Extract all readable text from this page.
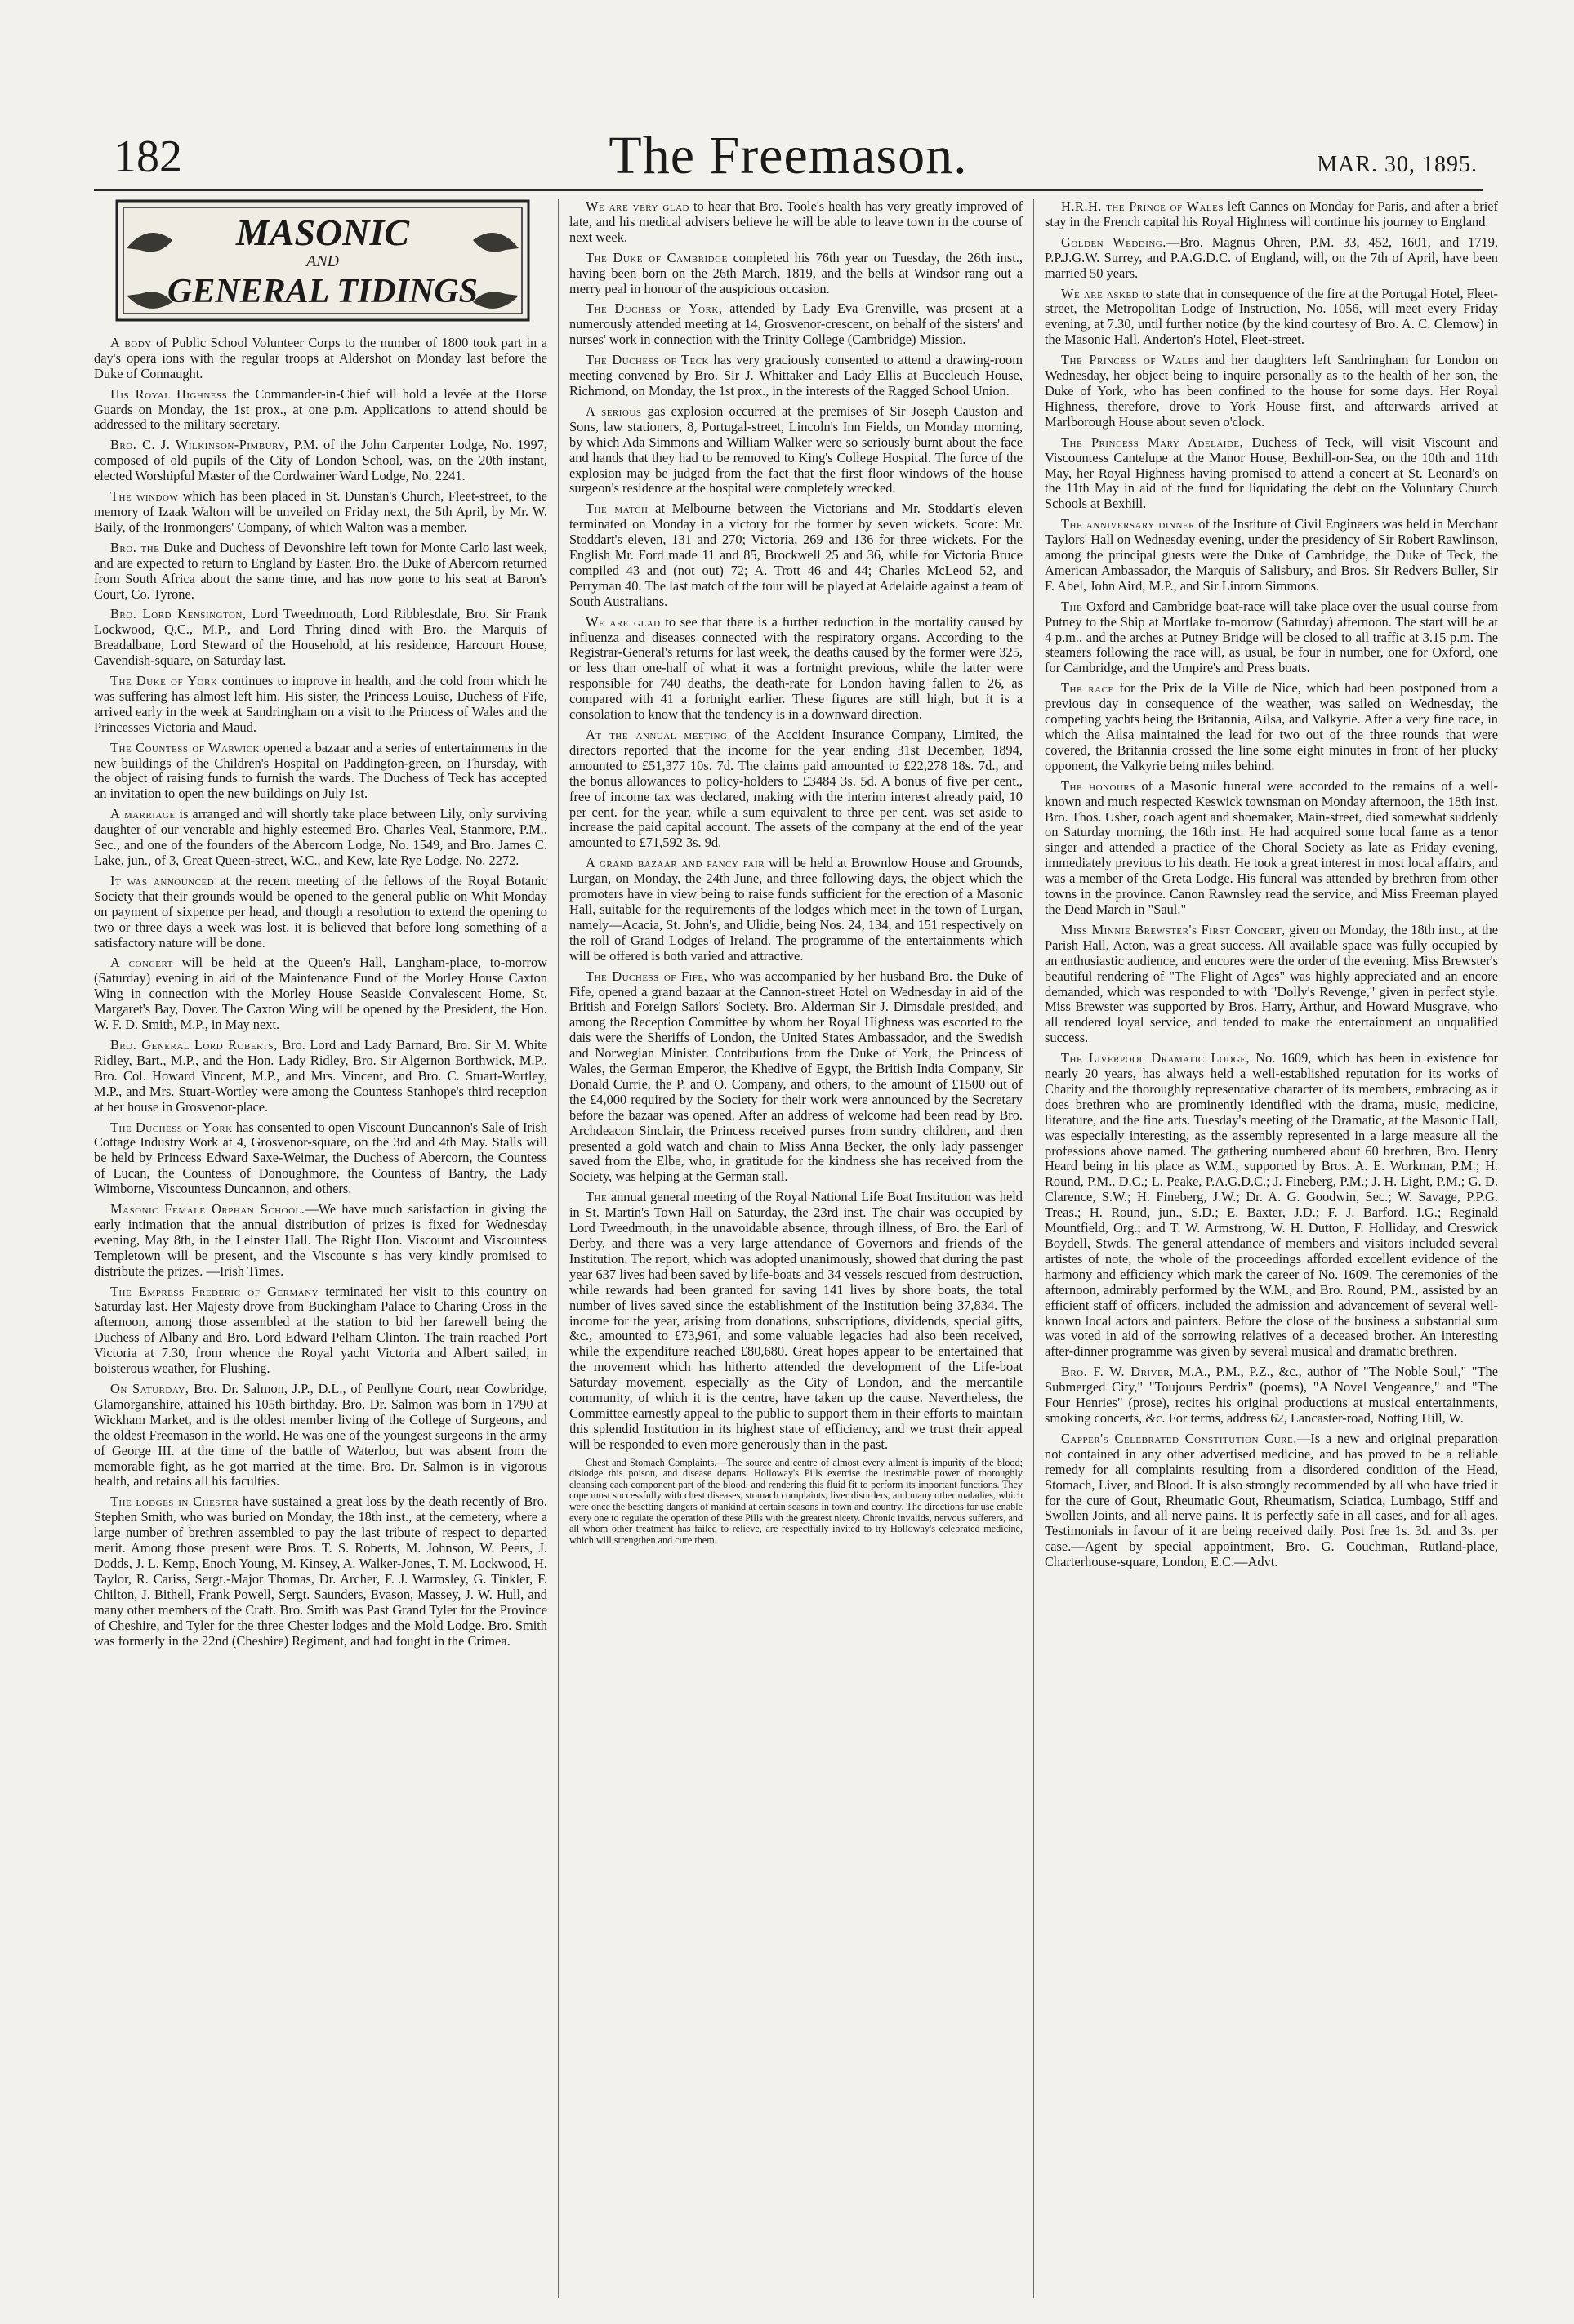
182	The Freemason.	MAR. 30, 1895.
MASONIC
AND
GENERAL TIDINGS

A body of Public School Volunteer Corps to the number of 1800 took part in a day's opera ions with the regular troops at Aldershot on Monday last before the Duke of Connaught.

His Royal Highness the Commander-in-Chief will hold a levée at the Horse Guards on Monday, the 1st prox., at one p.m. Applications to attend should be addressed to the military secretary.

Bro. C. J. Wilkinson-Pimbury, P.M. of the John Carpenter Lodge, No. 1997, composed of old pupils of the City of London School, was, on the 20th instant, elected Worshipful Master of the Cordwainer Ward Lodge, No. 2241.

The window which has been placed in St. Dunstan's Church, Fleet-street, to the memory of Izaak Walton will be unveiled on Friday next, the 5th April, by Mr. W. Baily, of the Ironmongers' Company, of which Walton was a member.

Bro. the Duke and Duchess of Devonshire left town for Monte Carlo last week, and are expected to return to England by Easter. Bro. the Duke of Abercorn returned from South Africa about the same time, and has now gone to his seat at Baron's Court, Co. Tyrone.

Bro. Lord Kensington, Lord Tweedmouth, Lord Ribblesdale, Bro. Sir Frank Lockwood, Q.C., M.P., and Lord Thring dined with Bro. the Marquis of Breadalbane, Lord Steward of the Household, at his residence, Harcourt House, Cavendish-square, on Saturday last.

The Duke of York continues to improve in health, and the cold from which he was suffering has almost left him. His sister, the Princess Louise, Duchess of Fife, arrived early in the week at Sandringham on a visit to the Princess of Wales and the Princesses Victoria and Maud.

The Countess of Warwick opened a bazaar and a series of entertainments in the new buildings of the Children's Hospital on Paddington-green, on Thursday, with the object of raising funds to furnish the wards. The Duchess of Teck has accepted an invitation to open the new buildings on July 1st.

A marriage is arranged and will shortly take place between Lily, only surviving daughter of our venerable and highly esteemed Bro. Charles Veal, Stanmore, P.M., Sec., and one of the founders of the Abercorn Lodge, No. 1549, and Bro. James C. Lake, jun., of 3, Great Queen-street, W.C., and Kew, late Rye Lodge, No. 2272.

It was announced at the recent meeting of the fellows of the Royal Botanic Society that their grounds would be opened to the general public on Whit Monday on payment of sixpence per head, and though a resolution to extend the opening to two or three days a week was lost, it is believed that before long something of a satisfactory nature will be done.

A concert will be held at the Queen's Hall, Langham-place, to-morrow (Saturday) evening in aid of the Maintenance Fund of the Morley House Caxton Wing in connection with the Morley House Seaside Convalescent Home, St. Margaret's Bay, Dover. The Caxton Wing will be opened by the President, the Hon. W. F. D. Smith, M.P., in May next.

Bro. General Lord Roberts, Bro. Lord and Lady Barnard, Bro. Sir M. White Ridley, Bart., M.P., and the Hon. Lady Ridley, Bro. Sir Algernon Borthwick, M.P., Bro. Col. Howard Vincent, M.P., and Mrs. Vincent, and Bro. C. Stuart-Wortley, M.P., and Mrs. Stuart-Wortley were among the Countess Stanhope's third reception at her house in Grosvenor-place.

The Duchess of York has consented to open Viscount Duncannon's Sale of Irish Cottage Industry Work at 4, Grosvenor-square, on the 3rd and 4th May. Stalls will be held by Princess Edward Saxe-Weimar, the Duchess of Abercorn, the Countess of Lucan, the Countess of Donoughmore, the Countess of Bantry, the Lady Wimborne, Viscountess Duncannon, and others.

Masonic Female Orphan School.—We have much satisfaction in giving the early intimation that the annual distribution of prizes is fixed for Wednesday evening, May 8th, in the Leinster Hall. The Right Hon. Viscount and Viscountess Templetown will be present, and the Viscounte s has very kindly promised to distribute the prizes. —Irish Times.

The Empress Frederic of Germany terminated her visit to this country on Saturday last. Her Majesty drove from Buckingham Palace to Charing Cross in the afternoon, among those assembled at the station to bid her farewell being the Duchess of Albany and Bro. Lord Edward Pelham Clinton. The train reached Port Victoria at 7.30, from whence the Royal yacht Victoria and Albert sailed, in boisterous weather, for Flushing.

On Saturday, Bro. Dr. Salmon, J.P., D.L., of Penllyne Court, near Cowbridge, Glamorganshire, attained his 105th birthday. Bro. Dr. Salmon was born in 1790 at Wickham Market, and is the oldest member living of the College of Surgeons, and the oldest Freemason in the world. He was one of the youngest surgeons in the army of George III. at the time of the battle of Waterloo, but was absent from the memorable fight, as he got married at the time. Bro. Dr. Salmon is in vigorous health, and retains all his faculties.

The lodges in Chester have sustained a great loss by the death recently of Bro. Stephen Smith, who was buried on Monday, the 18th inst., at the cemetery, where a large number of brethren assembled to pay the last tribute of respect to departed merit. Among those present were Bros. T. S. Roberts, M. Johnson, W. Peers, J. Dodds, J. L. Kemp, Enoch Young, M. Kinsey, A. Walker-Jones, T. M. Lockwood, H. Taylor, R. Cariss, Sergt.-Major Thomas, Dr. Archer, F. J. Warmsley, G. Tinkler, F. Chilton, J. Bithell, Frank Powell, Sergt. Saunders, Evason, Massey, J. W. Hull, and many other members of the Craft. Bro. Smith was Past Grand Tyler for the Province of Cheshire, and Tyler for the three Chester lodges and the Mold Lodge. Bro. Smith was formerly in the 22nd (Cheshire) Regiment, and had fought in the Crimea.

We are very glad to hear that Bro. Toole's health has very greatly improved of late, and his medical advisers believe he will be able to leave town in the course of next week.

The Duke of Cambridge completed his 76th year on Tuesday, the 26th inst., having been born on the 26th March, 1819, and the bells at Windsor rang out a merry peal in honour of the auspicious occasion.

The Duchess of York, attended by Lady Eva Grenville, was present at a numerously attended meeting at 14, Grosvenor-crescent, on behalf of the sisters' and nurses' work in connection with the Trinity College (Cambridge) Mission.

The Duchess of Teck has very graciously consented to attend a drawing-room meeting convened by Bro. Sir J. Whittaker and Lady Ellis at Buccleuch House, Richmond, on Monday, the 1st prox., in the interests of the Ragged School Union.

A serious gas explosion occurred at the premises of Sir Joseph Causton and Sons, law stationers, 8, Portugal-street, Lincoln's Inn Fields, on Monday morning, by which Ada Simmons and William Walker were so seriously burnt about the face and hands that they had to be removed to King's College Hospital. The force of the explosion may be judged from the fact that the first floor windows of the house surgeon's residence at the hospital were completely wrecked.

The match at Melbourne between the Victorians and Mr. Stoddart's eleven terminated on Monday in a victory for the former by seven wickets. Score: Mr. Stoddart's eleven, 131 and 270; Victoria, 269 and 136 for three wickets. For the English Mr. Ford made 11 and 85, Brockwell 25 and 36, while for Victoria Bruce compiled 43 and (not out) 72; A. Trott 46 and 44; Charles McLeod 52, and Perryman 40. The last match of the tour will be played at Adelaide against a team of South Australians.

We are glad to see that there is a further reduction in the mortality caused by influenza and diseases connected with the respiratory organs. According to the Registrar-General's returns for last week, the deaths caused by the former were 325, or less than one-half of what it was a fortnight previous, while the latter were responsible for 740 deaths, the death-rate for London having fallen to 26, as compared with 41 a fortnight earlier. These figures are still high, but it is a consolation to know that the tendency is in a downward direction.

At the annual meeting of the Accident Insurance Company, Limited, the directors reported that the income for the year ending 31st December, 1894, amounted to £51,377 10s. 7d. The claims paid amounted to £22,278 18s. 7d., and the bonus allowances to policy-holders to £3484 3s. 5d. A bonus of five per cent., free of income tax was declared, making with the interim interest already paid, 10 per cent. for the year, while a sum equivalent to three per cent. was set aside to increase the paid capital account. The assets of the company at the end of the year amounted to £71,592 3s. 9d.

A grand bazaar and fancy fair will be held at Brownlow House and Grounds, Lurgan, on Monday, the 24th June, and three following days, the object which the promoters have in view being to raise funds sufficient for the erection of a Masonic Hall, suitable for the requirements of the lodges which meet in the town of Lurgan, namely—Acacia, St. John's, and Ulidie, being Nos. 24, 134, and 151 respectively on the roll of Grand Lodges of Ireland. The programme of the entertainments which will be offered is both varied and attractive.

The Duchess of Fife, who was accompanied by her husband Bro. the Duke of Fife, opened a grand bazaar at the Cannon-street Hotel on Wednesday in aid of the British and Foreign Sailors' Society. Bro. Alderman Sir J. Dimsdale presided, and among the Reception Committee by whom her Royal Highness was escorted to the dais were the Sheriffs of London, the United States Ambassador, and the Swedish and Norwegian Minister. Contributions from the Duke of York, the Princess of Wales, the German Emperor, the Khedive of Egypt, the British India Company, Sir Donald Currie, the P. and O. Company, and others, to the amount of £1500 out of the £4,000 required by the Society for their work were announced by the Secretary before the bazaar was opened. After an address of welcome had been read by Bro. Archdeacon Sinclair, the Princess received purses from sundry children, and then presented a gold watch and chain to Miss Anna Becker, the only lady passenger saved from the Elbe, who, in gratitude for the kindness she has received from the Society, was helping at the German stall.

The annual general meeting of the Royal National Life Boat Institution was held in St. Martin's Town Hall on Saturday, the 23rd inst. The chair was occupied by Lord Tweedmouth, in the unavoidable absence, through illness, of Bro. the Earl of Derby, and there was a very large attendance of Governors and friends of the Institution. The report, which was adopted unanimously, showed that during the past year 637 lives had been saved by life-boats and 34 vessels rescued from destruction, while rewards had been granted for saving 141 lives by shore boats, the total number of lives saved since the establishment of the Institution being 37,834. The income for the year, arising from donations, subscriptions, dividends, special gifts, &c., amounted to £73,961, and some valuable legacies had also been received, while the expenditure reached £80,680. Great hopes appear to be entertained that the movement which has hitherto attended the development of the Life-boat Saturday movement, especially as the City of London, and the mercantile community, of which it is the centre, have taken up the cause. Nevertheless, the Committee earnestly appeal to the public to support them in their efforts to maintain this splendid Institution in its highest state of efficiency, and we trust their appeal will be responded to even more generously than in the past.

Chest and Stomach Complaints.—The source and centre of almost every ailment is impurity of the blood; dislodge this poison, and disease departs. Holloway's Pills exercise the inestimable power of thoroughly cleansing each component part of the blood, and rendering this fluid fit to perform its important functions. They cope most successfully with chest diseases, stomach complaints, liver disorders, and many other maladies, which were once the besetting dangers of mankind at certain seasons in town and country. The directions for use enable every one to regulate the operation of these Pills with the greatest nicety. Chronic invalids, nervous sufferers, and all whom other treatment has failed to relieve, are respectfully invited to try Holloway's celebrated medicine, which will strengthen and cure them.

H.R.H. the Prince of Wales left Cannes on Monday for Paris, and after a brief stay in the French capital his Royal Highness will continue his journey to England.

Golden Wedding.—Bro. Magnus Ohren, P.M. 33, 452, 1601, and 1719, P.P.J.G.W. Surrey, and P.A.G.D.C. of England, will, on the 7th of April, have been married 50 years.

We are asked to state that in consequence of the fire at the Portugal Hotel, Fleet-street, the Metropolitan Lodge of Instruction, No. 1056, will meet every Friday evening, at 7.30, until further notice (by the kind courtesy of Bro. A. C. Clemow) in the Masonic Hall, Anderton's Hotel, Fleet-street.

The Princess of Wales and her daughters left Sandringham for London on Wednesday, her object being to inquire personally as to the health of her son, the Duke of York, who has been confined to the house for some days. Her Royal Highness, therefore, drove to York House first, and afterwards arrived at Marlborough House about seven o'clock.

The Princess Mary Adelaide, Duchess of Teck, will visit Viscount and Viscountess Cantelupe at the Manor House, Bexhill-on-Sea, on the 10th and 11th May, her Royal Highness having promised to attend a concert at St. Leonard's on the 11th May in aid of the fund for liquidating the debt on the Voluntary Church Schools at Bexhill.

The anniversary dinner of the Institute of Civil Engineers was held in Merchant Taylors' Hall on Wednesday evening, under the presidency of Sir Robert Rawlinson, among the principal guests were the Duke of Cambridge, the Duke of Teck, the American Ambassador, the Marquis of Salisbury, and Bros. Sir Redvers Buller, Sir F. Abel, John Aird, M.P., and Sir Lintorn Simmons.

The Oxford and Cambridge boat-race will take place over the usual course from Putney to the Ship at Mortlake to-morrow (Saturday) afternoon. The start will be at 4 p.m., and the arches at Putney Bridge will be closed to all traffic at 3.15 p.m. The steamers following the race will, as usual, be four in number, one for Oxford, one for Cambridge, and the Umpire's and Press boats.

The race for the Prix de la Ville de Nice, which had been postponed from a previous day in consequence of the weather, was sailed on Wednesday, the competing yachts being the Britannia, Ailsa, and Valkyrie. After a very fine race, in which the Ailsa maintained the lead for two out of the three rounds that were covered, the Britannia crossed the line some eight minutes in front of her plucky opponent, the Valkyrie being miles behind.

The honours of a Masonic funeral were accorded to the remains of a well-known and much respected Keswick townsman on Monday afternoon, the 18th inst. Bro. Thos. Usher, coach agent and shoemaker, Main-street, died somewhat suddenly on Saturday morning, the 16th inst. He had acquired some local fame as a tenor singer and attended a practice of the Choral Society as late as Friday evening, immediately previous to his death. He took a great interest in most local affairs, and was a member of the Greta Lodge. His funeral was attended by brethren from other towns in the province. Canon Rawnsley read the service, and Miss Freeman played the Dead March in "Saul."

Miss Minnie Brewster's First Concert, given on Monday, the 18th inst., at the Parish Hall, Acton, was a great success. All available space was fully occupied by an enthusiastic audience, and encores were the order of the evening. Miss Brewster's beautiful rendering of "The Flight of Ages" was highly appreciated and an encore demanded, which was responded to with "Dolly's Revenge," given in perfect style. Miss Brewster was supported by Bros. Harry, Arthur, and Howard Musgrave, who all rendered loyal service, and tended to make the entertainment an unqualified success.

The Liverpool Dramatic Lodge, No. 1609, which has been in existence for nearly 20 years, has always held a well-established reputation for its works of Charity and the thoroughly representative character of its members, embracing as it does brethren who are prominently identified with the drama, music, medicine, literature, and the fine arts. Tuesday's meeting of the Dramatic, at the Masonic Hall, was especially interesting, as the assembly represented in a large measure all the professions above named. The gathering numbered about 60 brethren, Bro. Henry Heard being in his place as W.M., supported by Bros. A. E. Workman, P.M.; H. Round, P.M., D.C.; L. Peake, P.A.G.D.C.; J. Fineberg, P.M.; J. H. Light, P.M.; G. D. Clarence, S.W.; H. Fineberg, J.W.; Dr. A. G. Goodwin, Sec.; W. Savage, P.P.G. Treas.; H. Round, jun., S.D.; E. Baxter, J.D.; F. J. Barford, I.G.; Reginald Mountfield, Org.; and T. W. Armstrong, W. H. Dutton, F. Holliday, and Creswick Boydell, Stwds. The general attendance of members and visitors included several artistes of note, the whole of the proceedings afforded excellent evidence of the harmony and efficiency which mark the career of No. 1609. The ceremonies of the afternoon, admirably performed by the W.M., and Bro. Round, P.M., assisted by an efficient staff of officers, included the admission and advancement of several well-known local actors and painters. Before the close of the business a substantial sum was voted in aid of the sorrowing relatives of a deceased brother. An interesting after-dinner programme was given by several musical and dramatic brethren.

Bro. F. W. Driver, M.A., P.M., P.Z., &c., author of "The Noble Soul," "The Submerged City," "Toujours Perdrix" (poems), "A Novel Vengeance," and "The Four Henries" (prose), recites his original productions at musical entertainments, smoking concerts, &c. For terms, address 62, Lancaster-road, Notting Hill, W.

Capper's Celebrated Constitution Cure.—Is a new and original preparation not contained in any other advertised medicine, and has proved to be a reliable remedy for all complaints resulting from a disordered condition of the Head, Stomach, Liver, and Blood. It is also strongly recommended by all who have tried it for the cure of Gout, Rheumatic Gout, Rheumatism, Sciatica, Lumbago, Stiff and Swollen Joints, and all nerve pains. It is perfectly safe in all cases, and for all ages. Testimonials in favour of it are being received daily. Post free 1s. 3d. and 3s. per case.—Agent by special appointment, Bro. G. Couchman, Rutland-place, Charterhouse-square, London, E.C.—Advt.
